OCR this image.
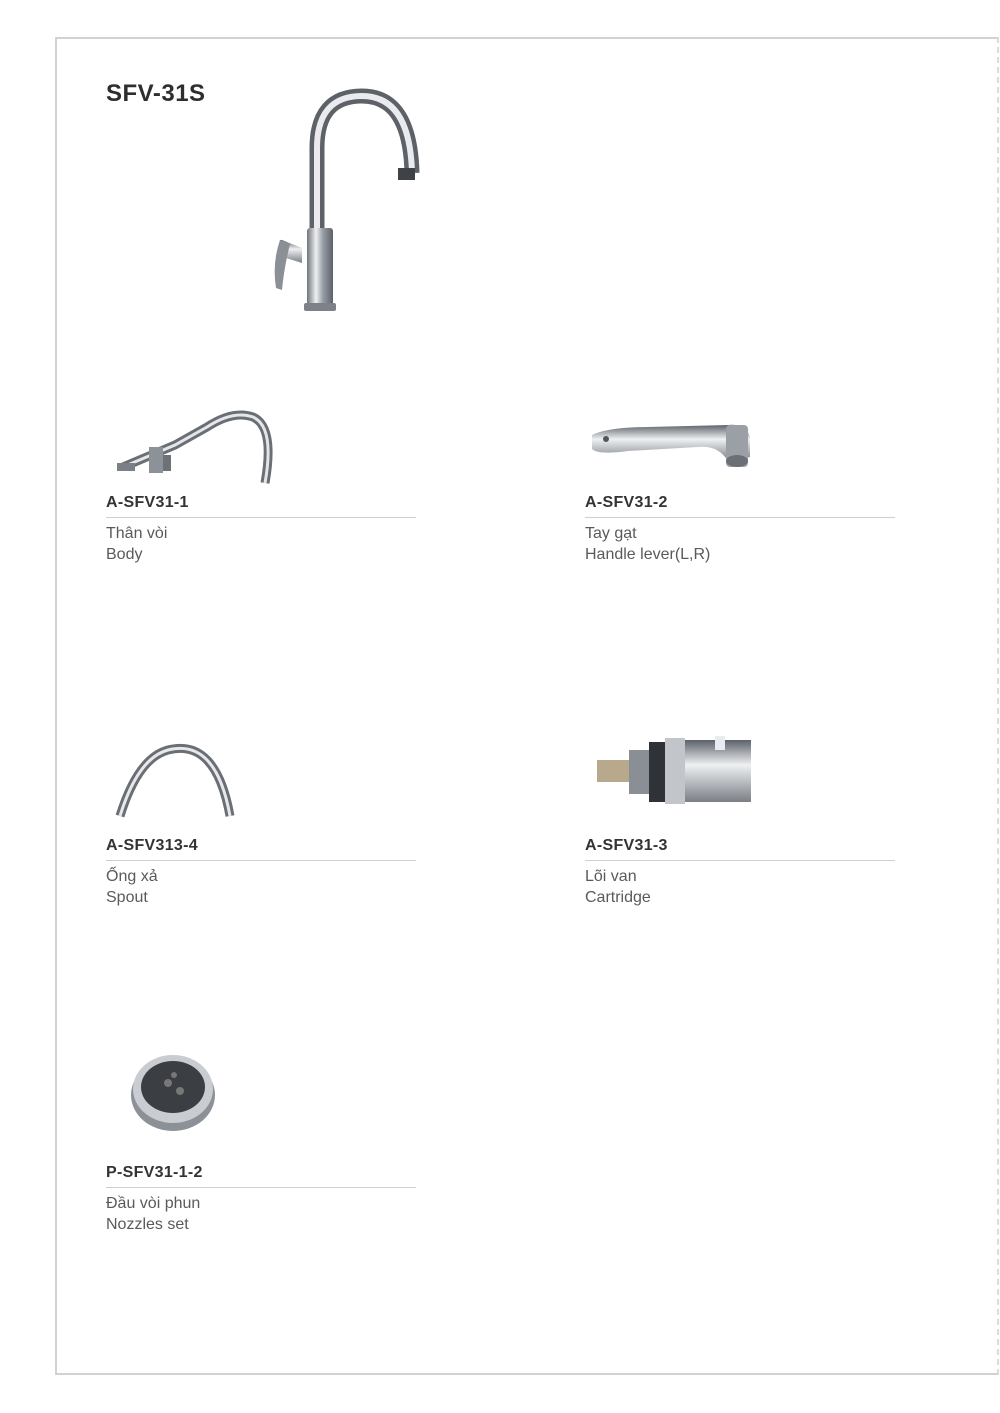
SFV-31S
A-SFV31-1
Thân vòi
Body
A-SFV31-2
Tay gạt
Handle lever(L,R)
A-SFV313-4
Ống xả
Spout
A-SFV31-3
Lõi van
Cartridge
P-SFV31-1-2
Đầu vòi phun
Nozzles set
